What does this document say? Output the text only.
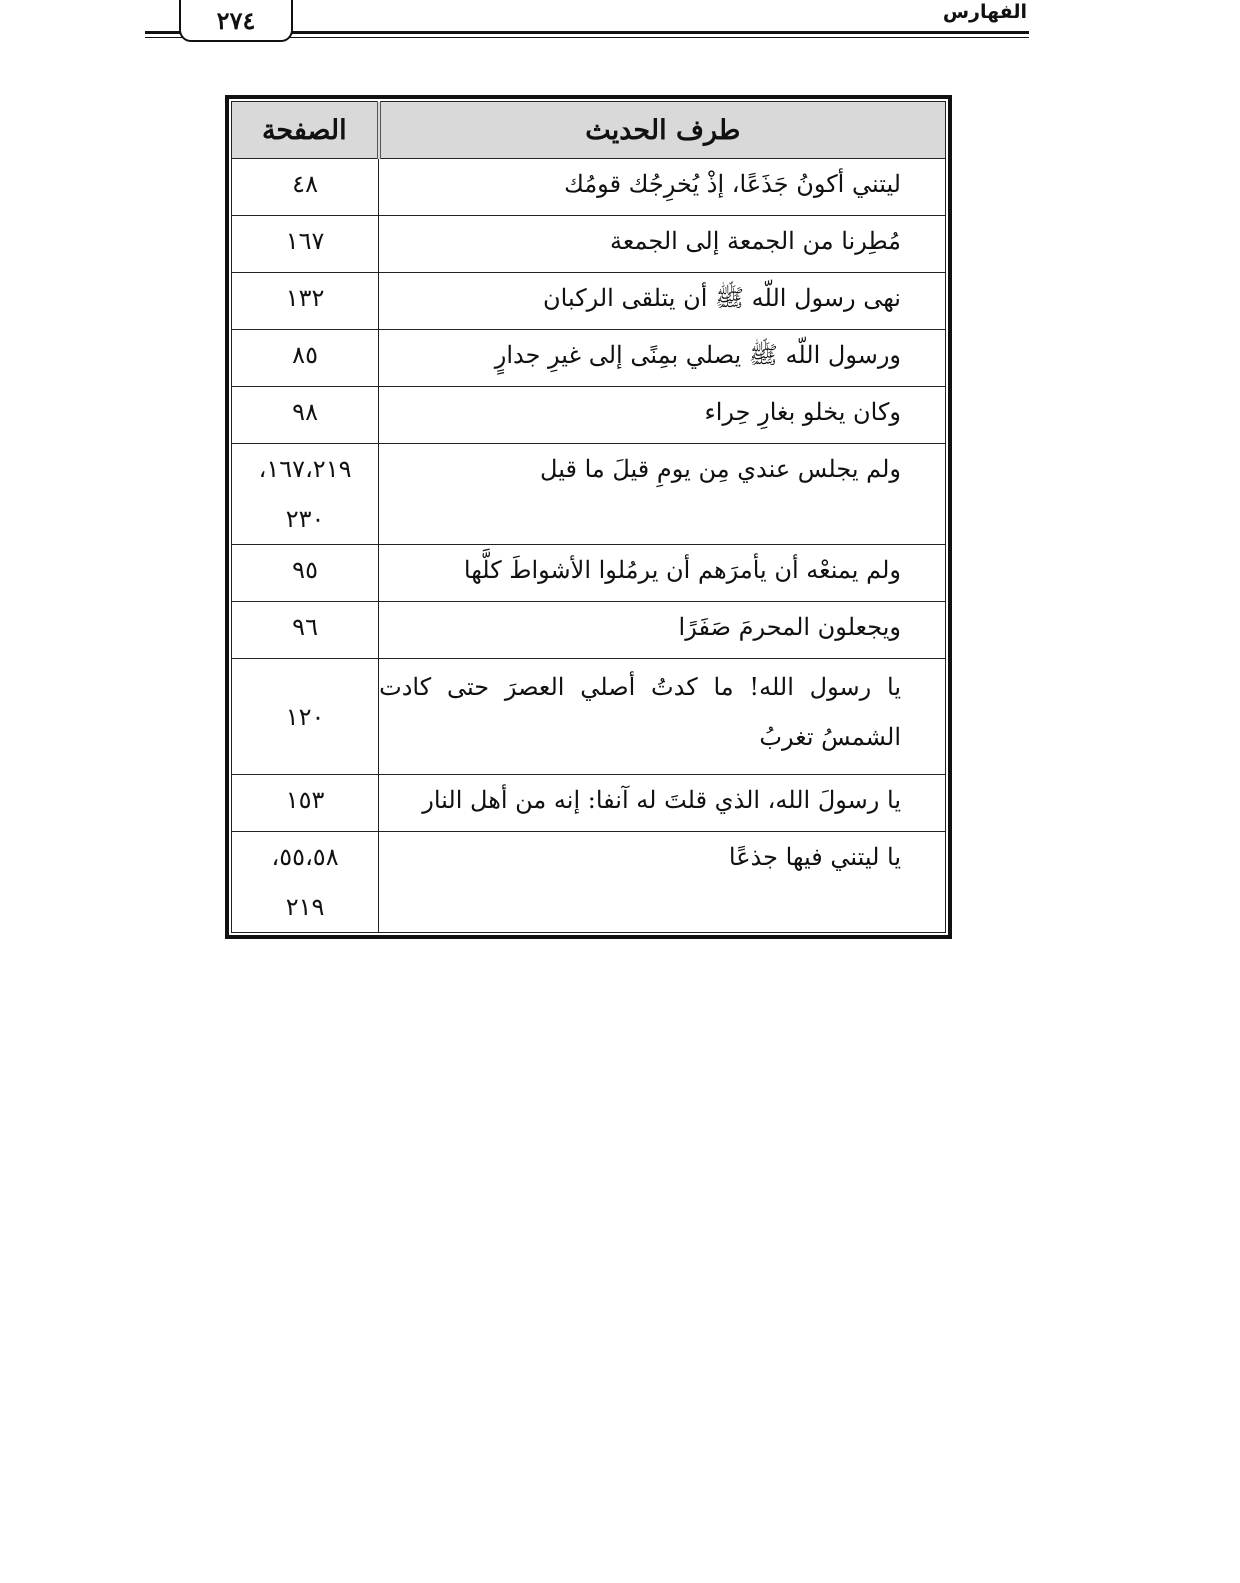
٢٧٤	الفهارس
طرف الحديث	الصفحة
ليتني أكونُ جَذَعًا، إذْ يُخرِجُك قومُك	٤٨
مُطِرنا من الجمعة إلى الجمعة	١٦٧
نهى رسول اللّه ﷺ أن يتلقى الركبان	١٣٢
ورسول اللّه ﷺ يصلي بمِنًى إلى غيرِ جدارٍ	٨٥
وكان يخلو بغارِ حِراء	٩٨
ولم يجلس عندي مِن يومِ قيلَ ما قيل	١٦٧،٢١٩، ٢٣٠
ولم يمنعْه أن يأمرَهم أن يرمُلوا الأشواطَ كلَّها	٩٥
ويجعلون المحرمَ صَفَرًا	٩٦
يا رسول الله! ما كدتُ أصلي العصرَ حتى كادت الشمسُ تغربُ	١٢٠
يا رسولَ الله، الذي قلتَ له آنفا: إنه من أهل النار	١٥٣
يا ليتني فيها جذعًا	٥٥،٥٨، ٢١٩
